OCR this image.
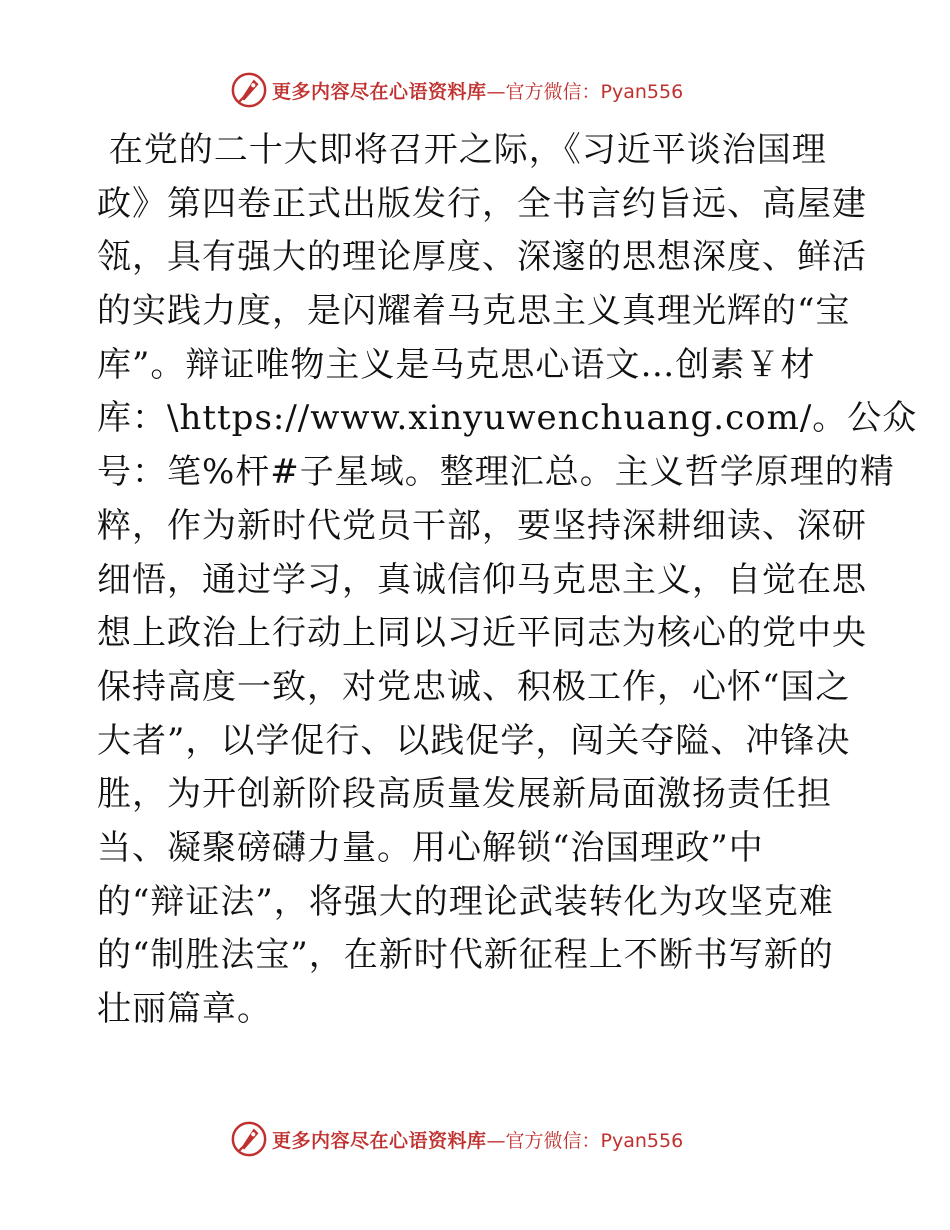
更多内容尽在心语资料库 —官方微信：Pyan556
在党的二十大即将召开之际，《习近平谈治国理
政》第四卷正式出版发行，全书言约旨远、高屋建
瓴，具有强大的理论厚度、深邃的思想深度、鲜活
的实践力度，是闪耀着马克思主义真理光辉的“宝
库”。辩证唯物主义是马克思心语文…创素￥材
库：\https://www.xinyuwenchuang.com/。公众
号：笔%杆#子星域。整理汇总。主义哲学原理的精
粹，作为新时代党员干部，要坚持深耕细读、深研
细悟，通过学习，真诚信仰马克思主义，自觉在思
想上政治上行动上同以习近平同志为核心的党中央
保持高度一致，对党忠诚、积极工作，心怀“国之
大者”，以学促行、以践促学，闯关夺隘、冲锋决
胜，为开创新阶段高质量发展新局面激扬责任担
当、凝聚磅礴力量。用心解锁“治国理政”中
的“辩证法”，将强大的理论武装转化为攻坚克难
的“制胜法宝”，在新时代新征程上不断书写新的
壮丽篇章。
更多内容尽在心语资料库 —官方微信：Pyan556
